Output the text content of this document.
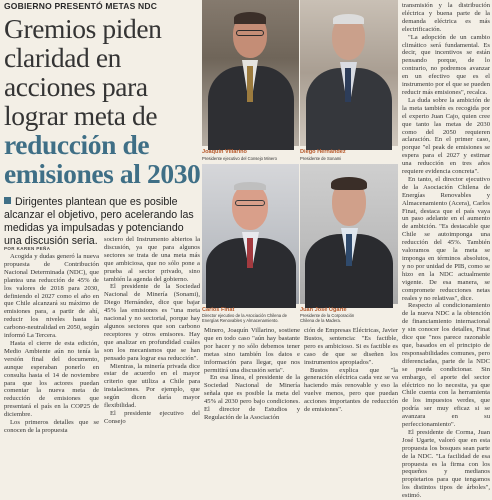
GOBIERNO PRESENTÓ METAS NDC
Gremios piden
claridad en
acciones para
lograr meta de
reducción de
emisiones al 2030
Dirigentes plantean que es posible alcanzar el objetivo, pero acelerando las medidas ya impulsadas y potenciando una discusión seria.
POR KAREN PEÑA

Acogida y dudas generó la nueva propuesta de Contribución Nacional Determinada (NDC), que plantea una reducción de 45% de los valores de 2018 para 2030, definiendo el 2027 como el año en que Chile alcanzará su máximo de emisiones para, a partir de ahí, reducir los niveles hasta la carbono-neutralidad en 2050, según informó La Tercera.

Hasta el cierre de esta edición, Medio Ambiente aún no tenía la versión final del documento, aunque esperaban ponerlo en consulta hasta el 14 de noviembre para que los actores puedan comentar la nueva meta de reducción de emisiones que presentará el país en la COP25 de diciembre.

Los primeros detalles que se conocen de la propuesta

sociero del Instrumento abiertos la discusión, ya que para algunos sectores se trata de una meta más que ambiciosa, que no sólo pone a prueba al sector privado, sino también la agenda del gobierno.

El presidente de la Sociedad Nacional de Minería (Sonami), Diego Hernández, dice que bajar 45% las emisiones es "una meta nacional y no sectorial, porque hay algunos sectores que son carbono receptores y otros emisores. Hay que analizar en profundidad cuáles son los mecanismos que se han pensado para lograr esa reducción".

Mientras, la minería privada dice estar de acuerdo en el mayor criterio que utiliza a Chile para instalaciones. Por ejemplo, que según dicen daría mayor flexibilidad.

El presidente ejecutivo del Consejo

Joaquín Villarino
Presidente ejecutivo del Consejo Minero
Diego Hernández
Presidente de Sonami
Carlos Finat
Director ejecutivo de la Asociación Chilena de
Energías Renovables y Almacenamiento.
Juan José Ugarte
Presidente de la Corporación
Chilena de la Madera.

Minero, Joaquín Villarino, sostiene que en todo caso "aún hay bastante por hacer y no sólo debemos tener metas sino también los datos e información para llegar, que nos permitirá una discusión seria".

En esa línea, el presidente de la Sociedad Nacional de Minería señala que es posible la meta del 45% al 2030 pero bajo condiciones. El director de Estudios y Regulación de la Asociación

ción de Empresas Eléctricas, Javier Bustos, sentencia: "Es factible, pero es ambicioso. Si es factible es caso de que se diseñen los instrumentos apropiados".

Bustos explica que "la generación eléctrica cada vez se va haciendo más renovable y eso la vuelve menos, pero que puedan acciones importantes de reducción de emisiones".

transmisión y la distribución eléctrica y buena parte de la demanda eléctrica es más electrificación.

"La adopción de un cambio climático será fundamental. Es decir, que incentivos se están pensando porque, de lo contrario, no podremos avanzar en un efectivo que es el instrumento por el que se pueden reducir más emisiones", recalca.

La duda sobre la ambición de la meta también es recogida por el experto Juan Cajo, quien cree que tanto las metas de 2030 como del 2050 requieren aclaración. En el primer caso, porque "el peak de emisiones se espera para el 2027 y estimar una reducción en tres años requiere evidencia concreta".

En tanto, el director ejecutivo de la Asociación Chilena de Energías Renovables y Almacenamiento (Acera), Carlos Finat, destaca que el país vaya un paso adelante en el aumento de ambición. "Es destacable que Chile se autoimponga una reducción del 45%. También valoramos que la meta se imponga en términos absolutos, y no por unidad de PIB, como se hizo en la NDC actualmente vigente. De esa manera, se compromete reducciones netas reales y no relativas", dice.

Respecto al condicionamiento de la nueva NDC a la obtención de financiamiento internacional y sin conocer los detalles, Finat dice que "nos parece razonable que, basados en el principio de responsabilidades comunes, pero diferenciadas, parte de la NDC se pueda condicionar. Sin embargo, el aporte del sector eléctrico no lo necesita, ya que Chile cuenta con la herramienta de los impuestos verdes, que podría ser muy eficaz si se avanzara en su perfeccionamiento".

El presidente de Corma, Juan José Ugarte, valoró que en esta propuesta los bosques sean parte de la NDC. "La facilidad de esa propuesta es la firma con los pequeños y medianos propietarios para que tengamos los distintos tipos de árboles", estimó.
